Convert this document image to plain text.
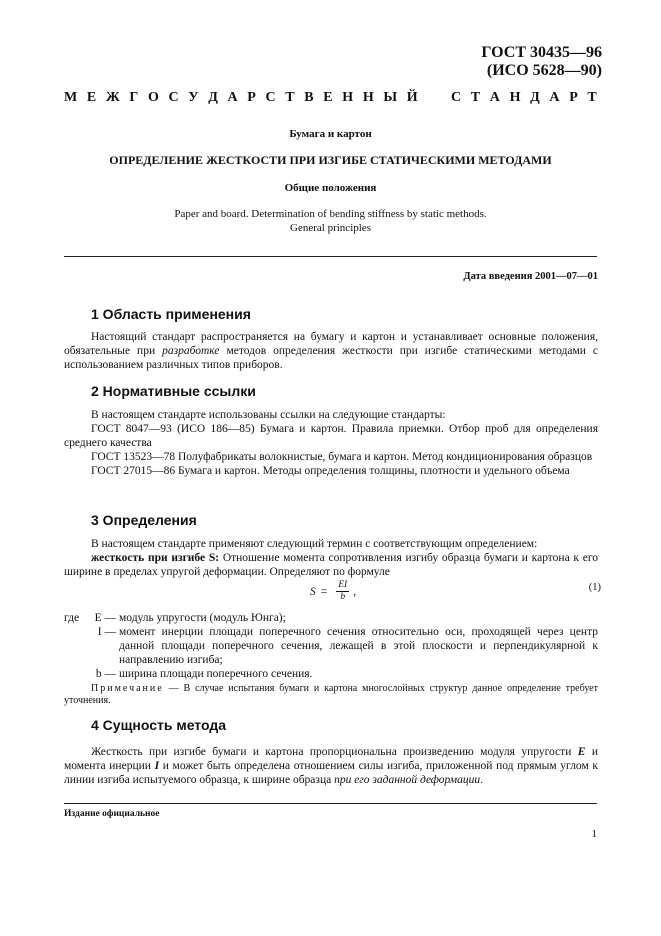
ГОСТ 30435—96
(ИСО 5628—90)
М Е Ж Г О С У Д А Р С Т В Е Н Н Ы Й С Т А Н Д А Р Т
Бумага и картон
ОПРЕДЕЛЕНИЕ ЖЕСТКОСТИ ПРИ ИЗГИБЕ СТАТИЧЕСКИМИ МЕТОДАМИ
Общие положения
Paper and board. Determination of bending stiffness by static methods.
General principles
Дата введения 2001—07—01
1 Область применения

Настоящий стандарт распространяется на бумагу и картон и устанавливает основные положения, обязательные при разработке методов определения жесткости при изгибе статическими методами с использованием различных типов приборов.

2 Нормативные ссылки

В настоящем стандарте использованы ссылки на следующие стандарты:

ГОСТ 8047—93 (ИСО 186—85) Бумага и картон. Правила приемки. Отбор проб для определения среднего качества

ГОСТ 13523—78 Полуфабрикаты волокнистые, бумага и картон. Метод кондиционирования образцов

ГОСТ 27015—86 Бумага и картон. Методы определения толщины, плотности и удельного объема

3 Определения

В настоящем стандарте применяют следующий термин с соответствующим определением:

жесткость при изгибе S: Отношение момента сопротивления изгибу образца бумаги и картона к его ширине в пределах упругой деформации. Определяют по формуле

$S = \frac{EI}{b}$ ,	(1)
где	E — модуль упругости (модуль Юнга);
I — момент инерции площади поперечного сечения относительно оси, проходящей через центр данной площади поперечного сечения, лежащей в этой плоскости и перпендикулярной к направлению изгиба;
b — ширина площади поперечного сечения.

Примечание — В случае испытания бумаги и картона многослойных структур данное определение требует уточнения.

4 Сущность метода

Жесткость при изгибе бумаги и картона пропорциональна произведению модуля упругости E и момента инерции I и может быть определена отношением силы изгиба, приложенной под прямым углом к линии изгиба испытуемого образца, к ширине образца при его заданной деформации.

Издание официальное
1
